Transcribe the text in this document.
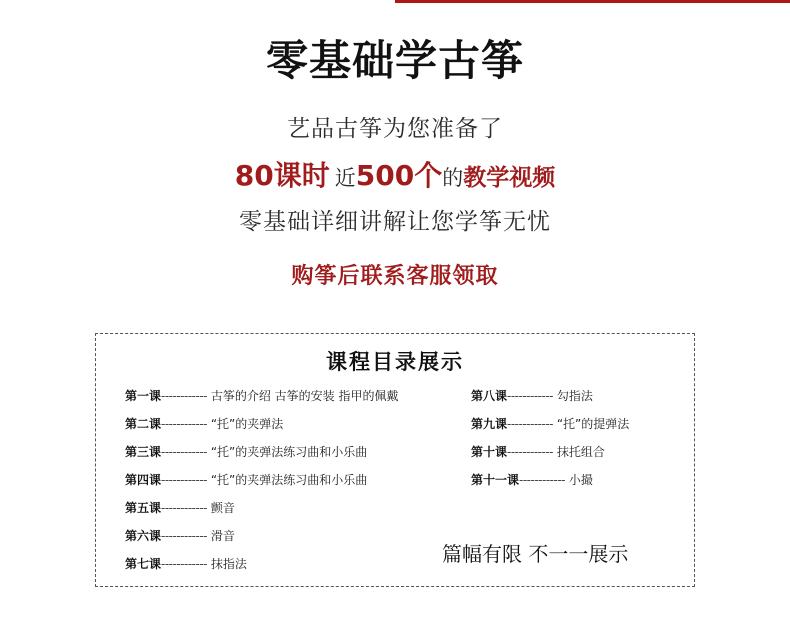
零基础学古筝
艺品古筝为您准备了
80课时 近500个的教学视频
零基础详细讲解让您学筝无忧
购筝后联系客服领取
课程目录展示
第一课------------ 古筝的介绍 古筝的安装 指甲的佩戴
第二课------------ “托”的夹弹法
第三课------------ “托”的夹弹法练习曲和小乐曲
第四课------------ “托”的夹弹法练习曲和小乐曲
第五课------------ 颤音
第六课------------ 滑音
第七课------------ 抹指法
第八课------------ 勾指法
第九课------------ “托”的提弹法
第十课------------ 抹托组合
第十一课------------ 小撮
篇幅有限 不一一展示
